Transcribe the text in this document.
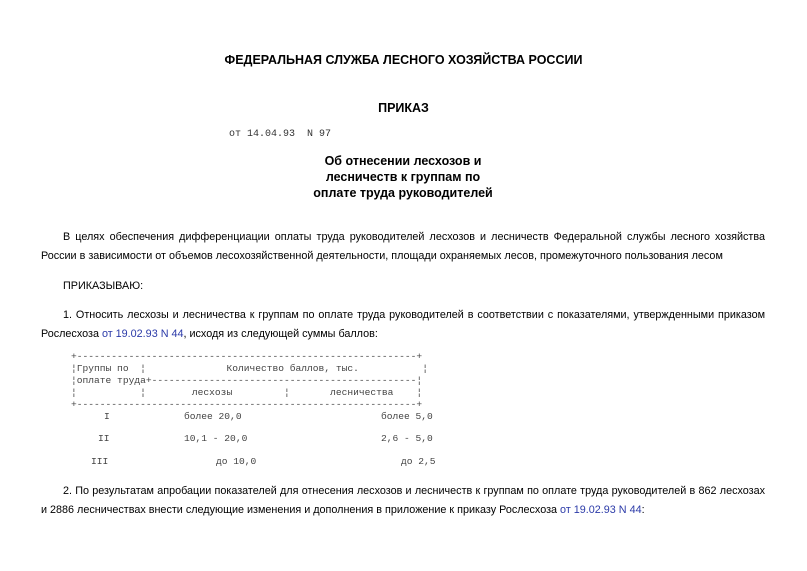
ФЕДЕРАЛЬНАЯ СЛУЖБА ЛЕСНОГО ХОЗЯЙСТВА РОССИИ
ПРИКАЗ
от 14.04.93  N 97
Об отнесении лесхозов и
лесничеств к группам по
оплате труда руководителей
В целях обеспечения дифференциации оплаты труда руководителей лесхозов и лесничеств Федеральной службы лесного хозяйства России в зависимости от объемов лесохозяйственной деятельности, площади охраняемых лесов, промежуточного пользования лесом
ПРИКАЗЫВАЮ:
1. Относить лесхозы и лесничества к группам по оплате труда руководителей в соответствии с показателями, утвержденными приказом Рослесхоза от 19.02.93 N 44, исходя из следующей суммы баллов:
+-----------------------------------------------------------+
¦Группы по  ¦              Количество баллов, тыс.           ¦
¦оплате труда+----------------------------------------------¦
¦           ¦        лесхозы         ¦       лесничества    ¦
+-----------------------------------------------------------+
I	более 20,0	более 5,0
II	10,1 - 20,0	2,6 - 5,0
III	до 10,0	до 2,5
2. По результатам апробации показателей для отнесения лесхозов и лесничеств к группам по оплате труда руководителей в 862 лесхозах и 2886 лесничествах внести следующие изменения и дополнения в приложение к приказу Рослесхоза от 19.02.93 N 44:
